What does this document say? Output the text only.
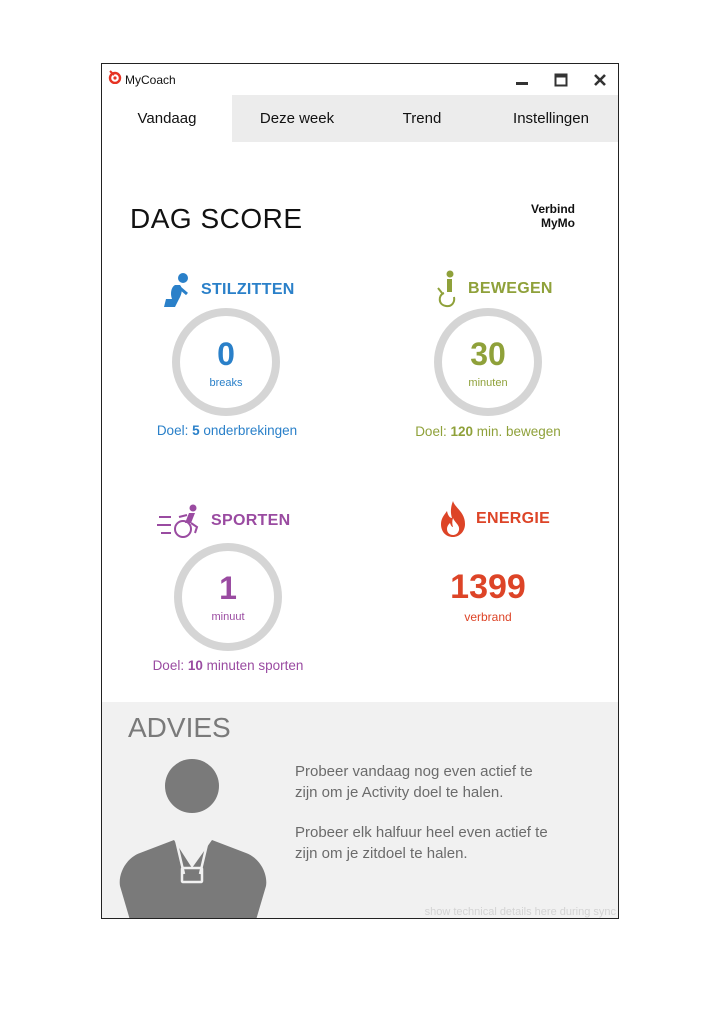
MyCoach
Vandaag	Deze week	Trend	Instellingen
DAG SCORE	Verbind
MyMo
STILZITTEN
0
breaks
Doel: 5 onderbrekingen
BEWEGEN
30
minuten
Doel: 120 min. bewegen
SPORTEN
1
minuut
Doel: 10 minuten sporten
ENERGIE
1399
verbrand
ADVIES
Probeer vandaag nog even actief te
zijn om je Activity doel te halen.
Probeer elk halfuur heel even actief te
zijn om je zitdoel te halen.
show technical details here during sync
